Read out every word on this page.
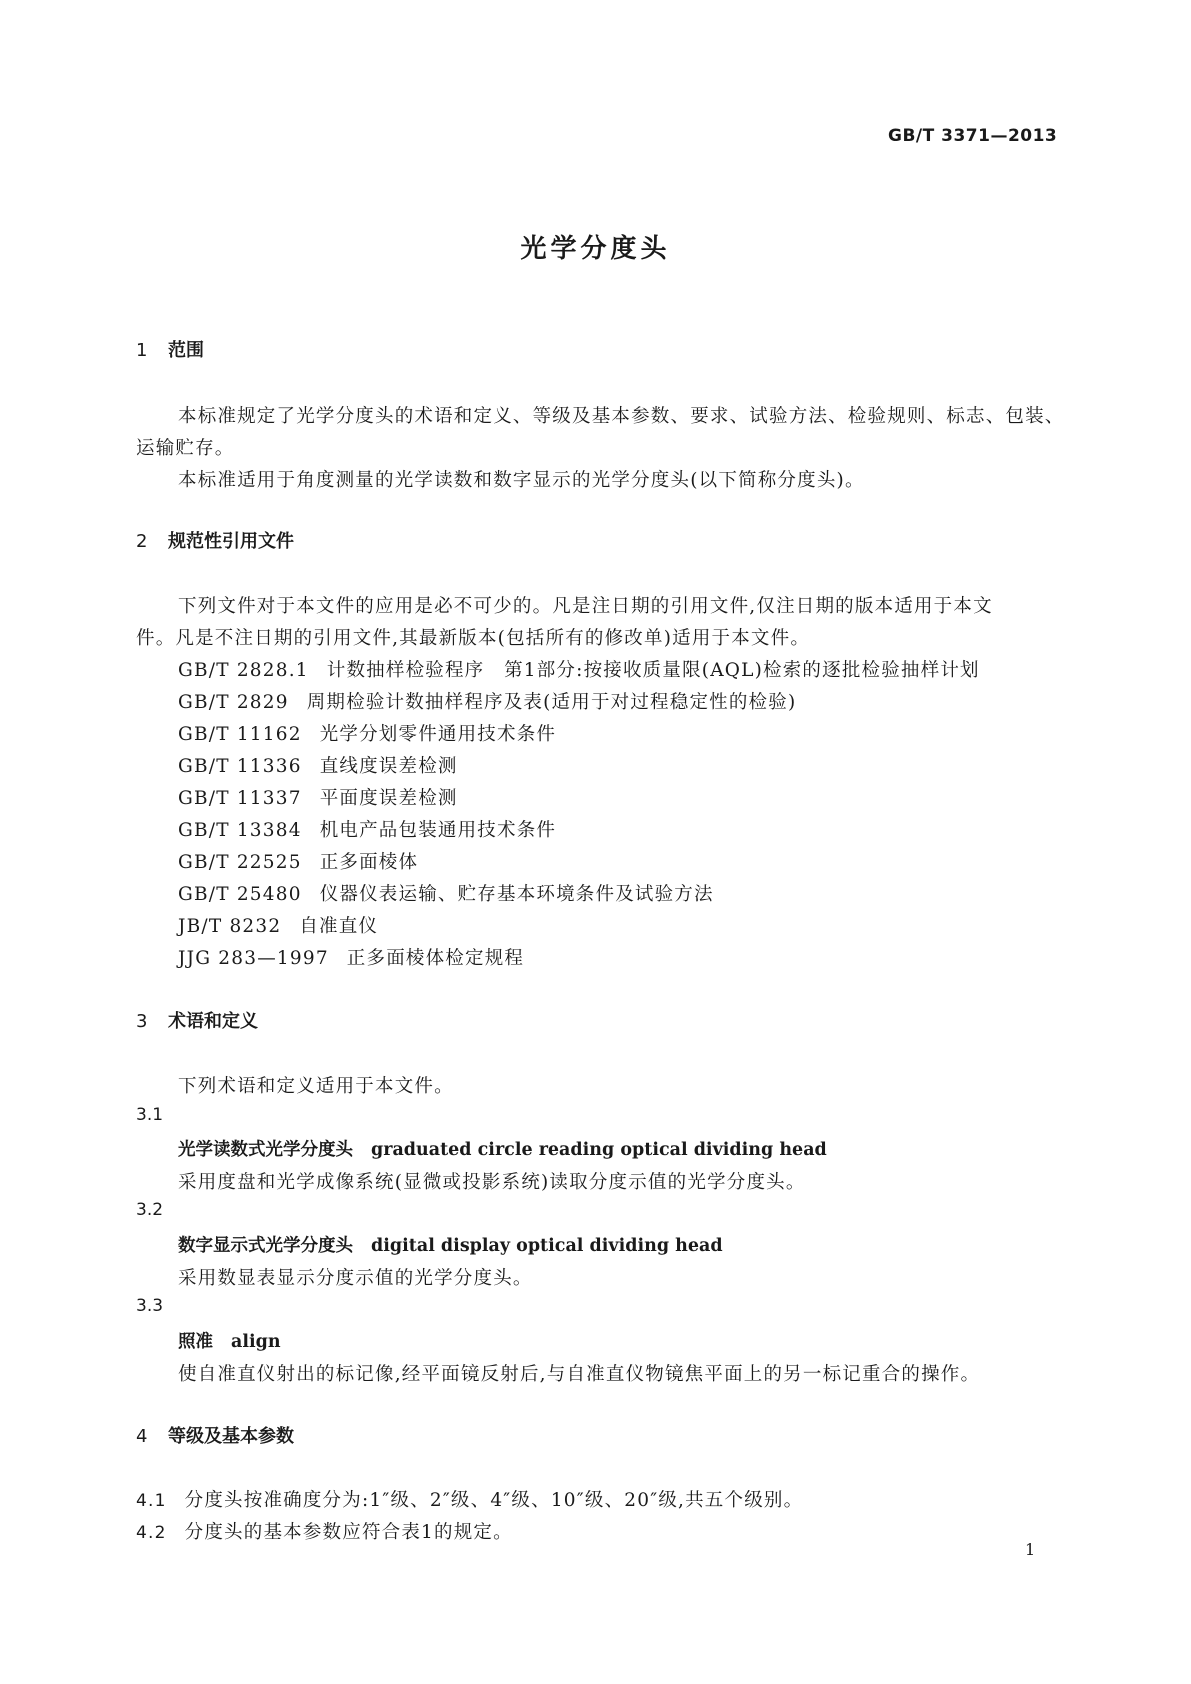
GB/T 3371—2013
光学分度头
1 范围
本标准规定了光学分度头的术语和定义、等级及基本参数、要求、试验方法、检验规则、标志、包装、
运输贮存。
本标准适用于角度测量的光学读数和数字显示的光学分度头(以下简称分度头)。
2 规范性引用文件
下列文件对于本文件的应用是必不可少的。凡是注日期的引用文件,仅注日期的版本适用于本文
件。凡是不注日期的引用文件,其最新版本(包括所有的修改单)适用于本文件。
GB/T 2828.1 计数抽样检验程序　第1部分:按接收质量限(AQL)检索的逐批检验抽样计划
GB/T 2829 周期检验计数抽样程序及表(适用于对过程稳定性的检验)
GB/T 11162 光学分划零件通用技术条件
GB/T 11336 直线度误差检测
GB/T 11337 平面度误差检测
GB/T 13384 机电产品包装通用技术条件
GB/T 22525 正多面棱体
GB/T 25480 仪器仪表运输、贮存基本环境条件及试验方法
JB/T 8232 自准直仪
JJG 283—1997 正多面棱体检定规程
3 术语和定义
下列术语和定义适用于本文件。
3.1
光学读数式光学分度头 graduated circle reading optical dividing head
采用度盘和光学成像系统(显微或投影系统)读取分度示值的光学分度头。
3.2
数字显示式光学分度头 digital display optical dividing head
采用数显表显示分度示值的光学分度头。
3.3
照准 align
使自准直仪射出的标记像,经平面镜反射后,与自准直仪物镜焦平面上的另一标记重合的操作。
4 等级及基本参数
4.1 分度头按准确度分为:1″级、2″级、4″级、10″级、20″级,共五个级别。
4.2 分度头的基本参数应符合表1的规定。
1
